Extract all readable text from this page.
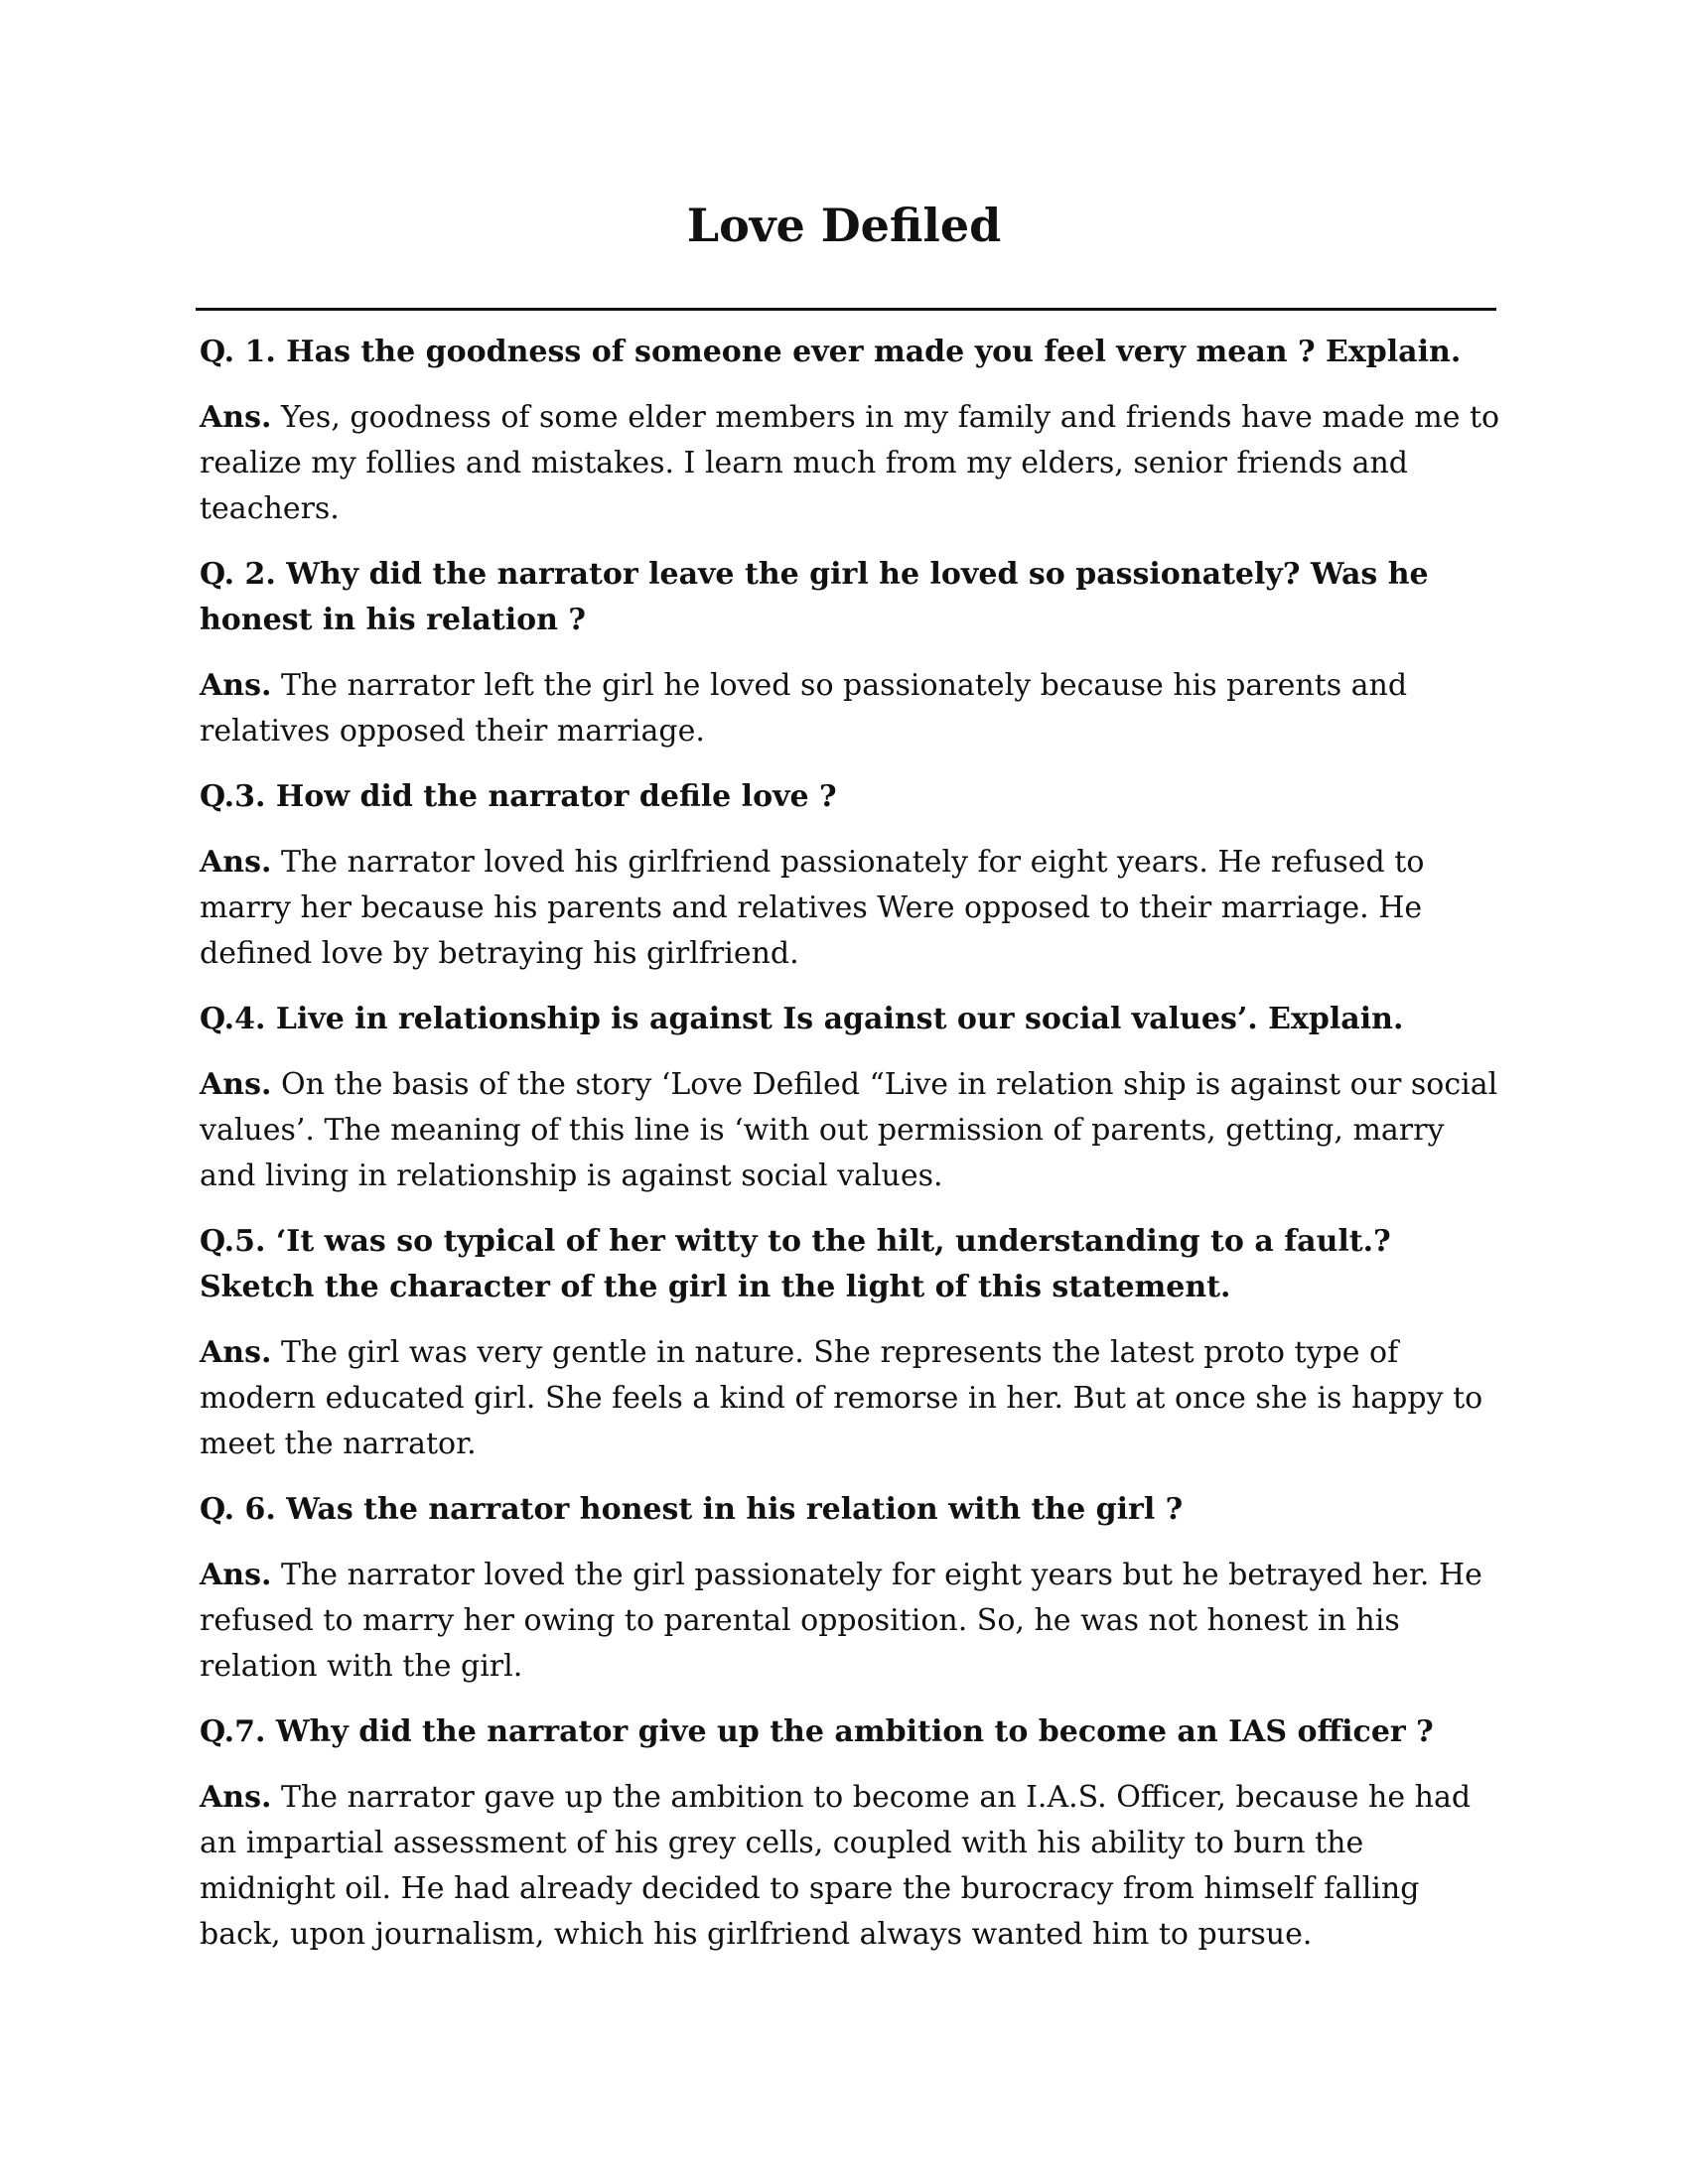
Love Defiled

Q. 1. Has the goodness of someone ever made you feel very mean ? Explain.

Ans. Yes, goodness of some elder members in my family and friends have made me to realize my follies and mistakes. I learn much from my elders, senior friends and teachers.

Q. 2. Why did the narrator leave the girl he loved so passionately? Was he honest in his relation ?

Ans. The narrator left the girl he loved so passionately because his parents and relatives opposed their marriage.

Q.3. How did the narrator defile love ?

Ans. The narrator loved his girlfriend passionately for eight years. He refused to marry her because his parents and relatives Were opposed to their marriage. He defined love by betraying his girlfriend.

Q.4. Live in relationship is against Is against our social values’. Explain.

Ans. On the basis of the story ‘Love Defiled “Live in relation ship is against our social values’. The meaning of this line is ‘with out permission of parents, getting, marry and living in relationship is against social values.

Q.5. ‘It was so typical of her witty to the hilt, understanding to a fault.? Sketch the character of the girl in the light of this statement.

Ans. The girl was very gentle in nature. She represents the latest proto type of modern educated girl. She feels a kind of remorse in her. But at once she is happy to meet the narrator.

Q. 6. Was the narrator honest in his relation with the girl ?

Ans. The narrator loved the girl passionately for eight years but he betrayed her. He refused to marry her owing to parental opposition. So, he was not honest in his relation with the girl.

Q.7. Why did the narrator give up the ambition to become an IAS officer ?

Ans. The narrator gave up the ambition to become an I.A.S. Officer, because he had an impartial assessment of his grey cells, coupled with his ability to burn the midnight oil. He had already decided to spare the burocracy from himself falling back, upon journalism, which his girlfriend always wanted him to pursue.
